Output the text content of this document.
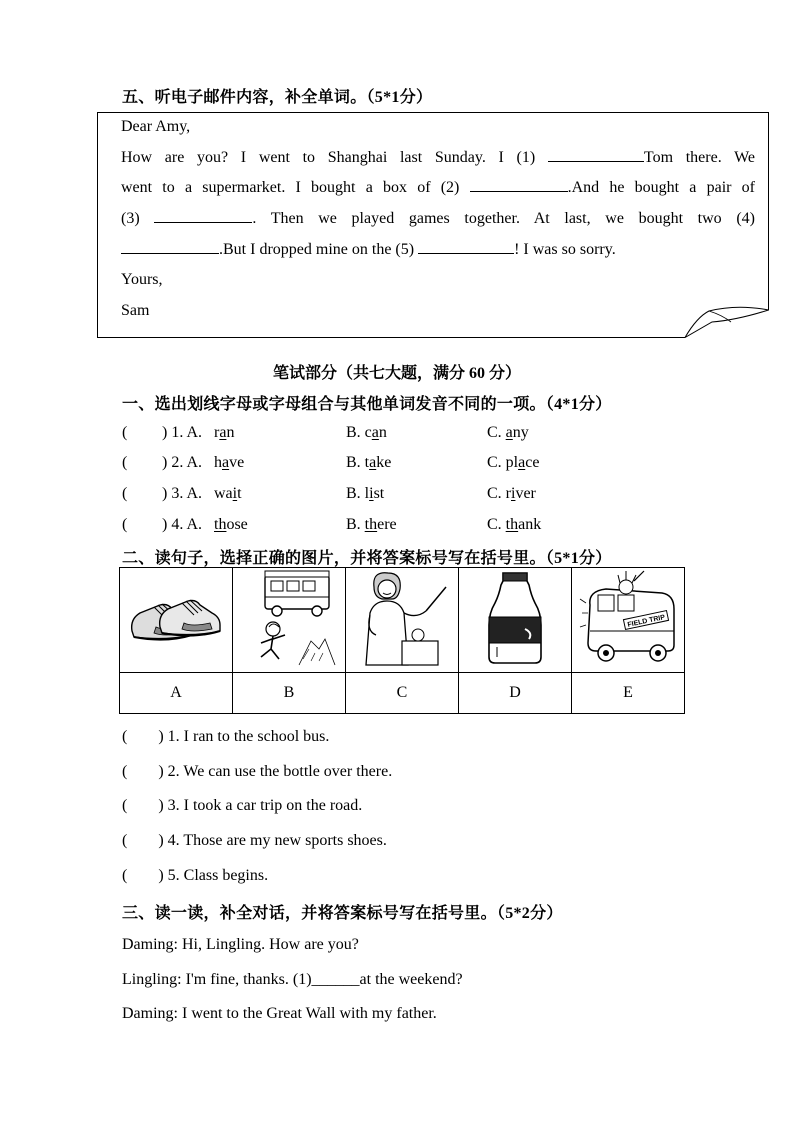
五、听电子邮件内容，补全单词。（5*1分）
Dear Amy,
How are you? I went to Shanghai last Sunday. I (1)	Tom there. We
went to a supermarket. I bought a box of (2)	.And he bought a pair of
(3)	. Then we played games together. At last, we bought two (4)
.But I dropped mine on the (5)	! I was so sorry.
Yours,
Sam
笔试部分（共七大题，满分 60 分）
一、选出划线字母或字母组合与其他单词发音不同的一项。（4*1分）
( ) 1. A. ran	B. can	C. any
( ) 2. A. have	B. take	C. place
( ) 3. A. wait	B. list	C. river
( ) 4. A. those	B. there	C. thank
二、读句子，选择正确的图片，并将答案标号写在括号里。（5*1分）

FIELD TRIP

A	B	C	D	E
( ) 1. I ran to the school bus.
( ) 2. We can use the bottle over there.
( ) 3. I took a car trip on the road.
( ) 4. Those are my new sports shoes.
( ) 5. Class begins.
三、读一读，补全对话，并将答案标号写在括号里。（5*2分）
Daming: Hi, Lingling. How are you?
Lingling: I'm fine, thanks. (1)______at the weekend?
Daming: I went to the Great Wall with my father.
